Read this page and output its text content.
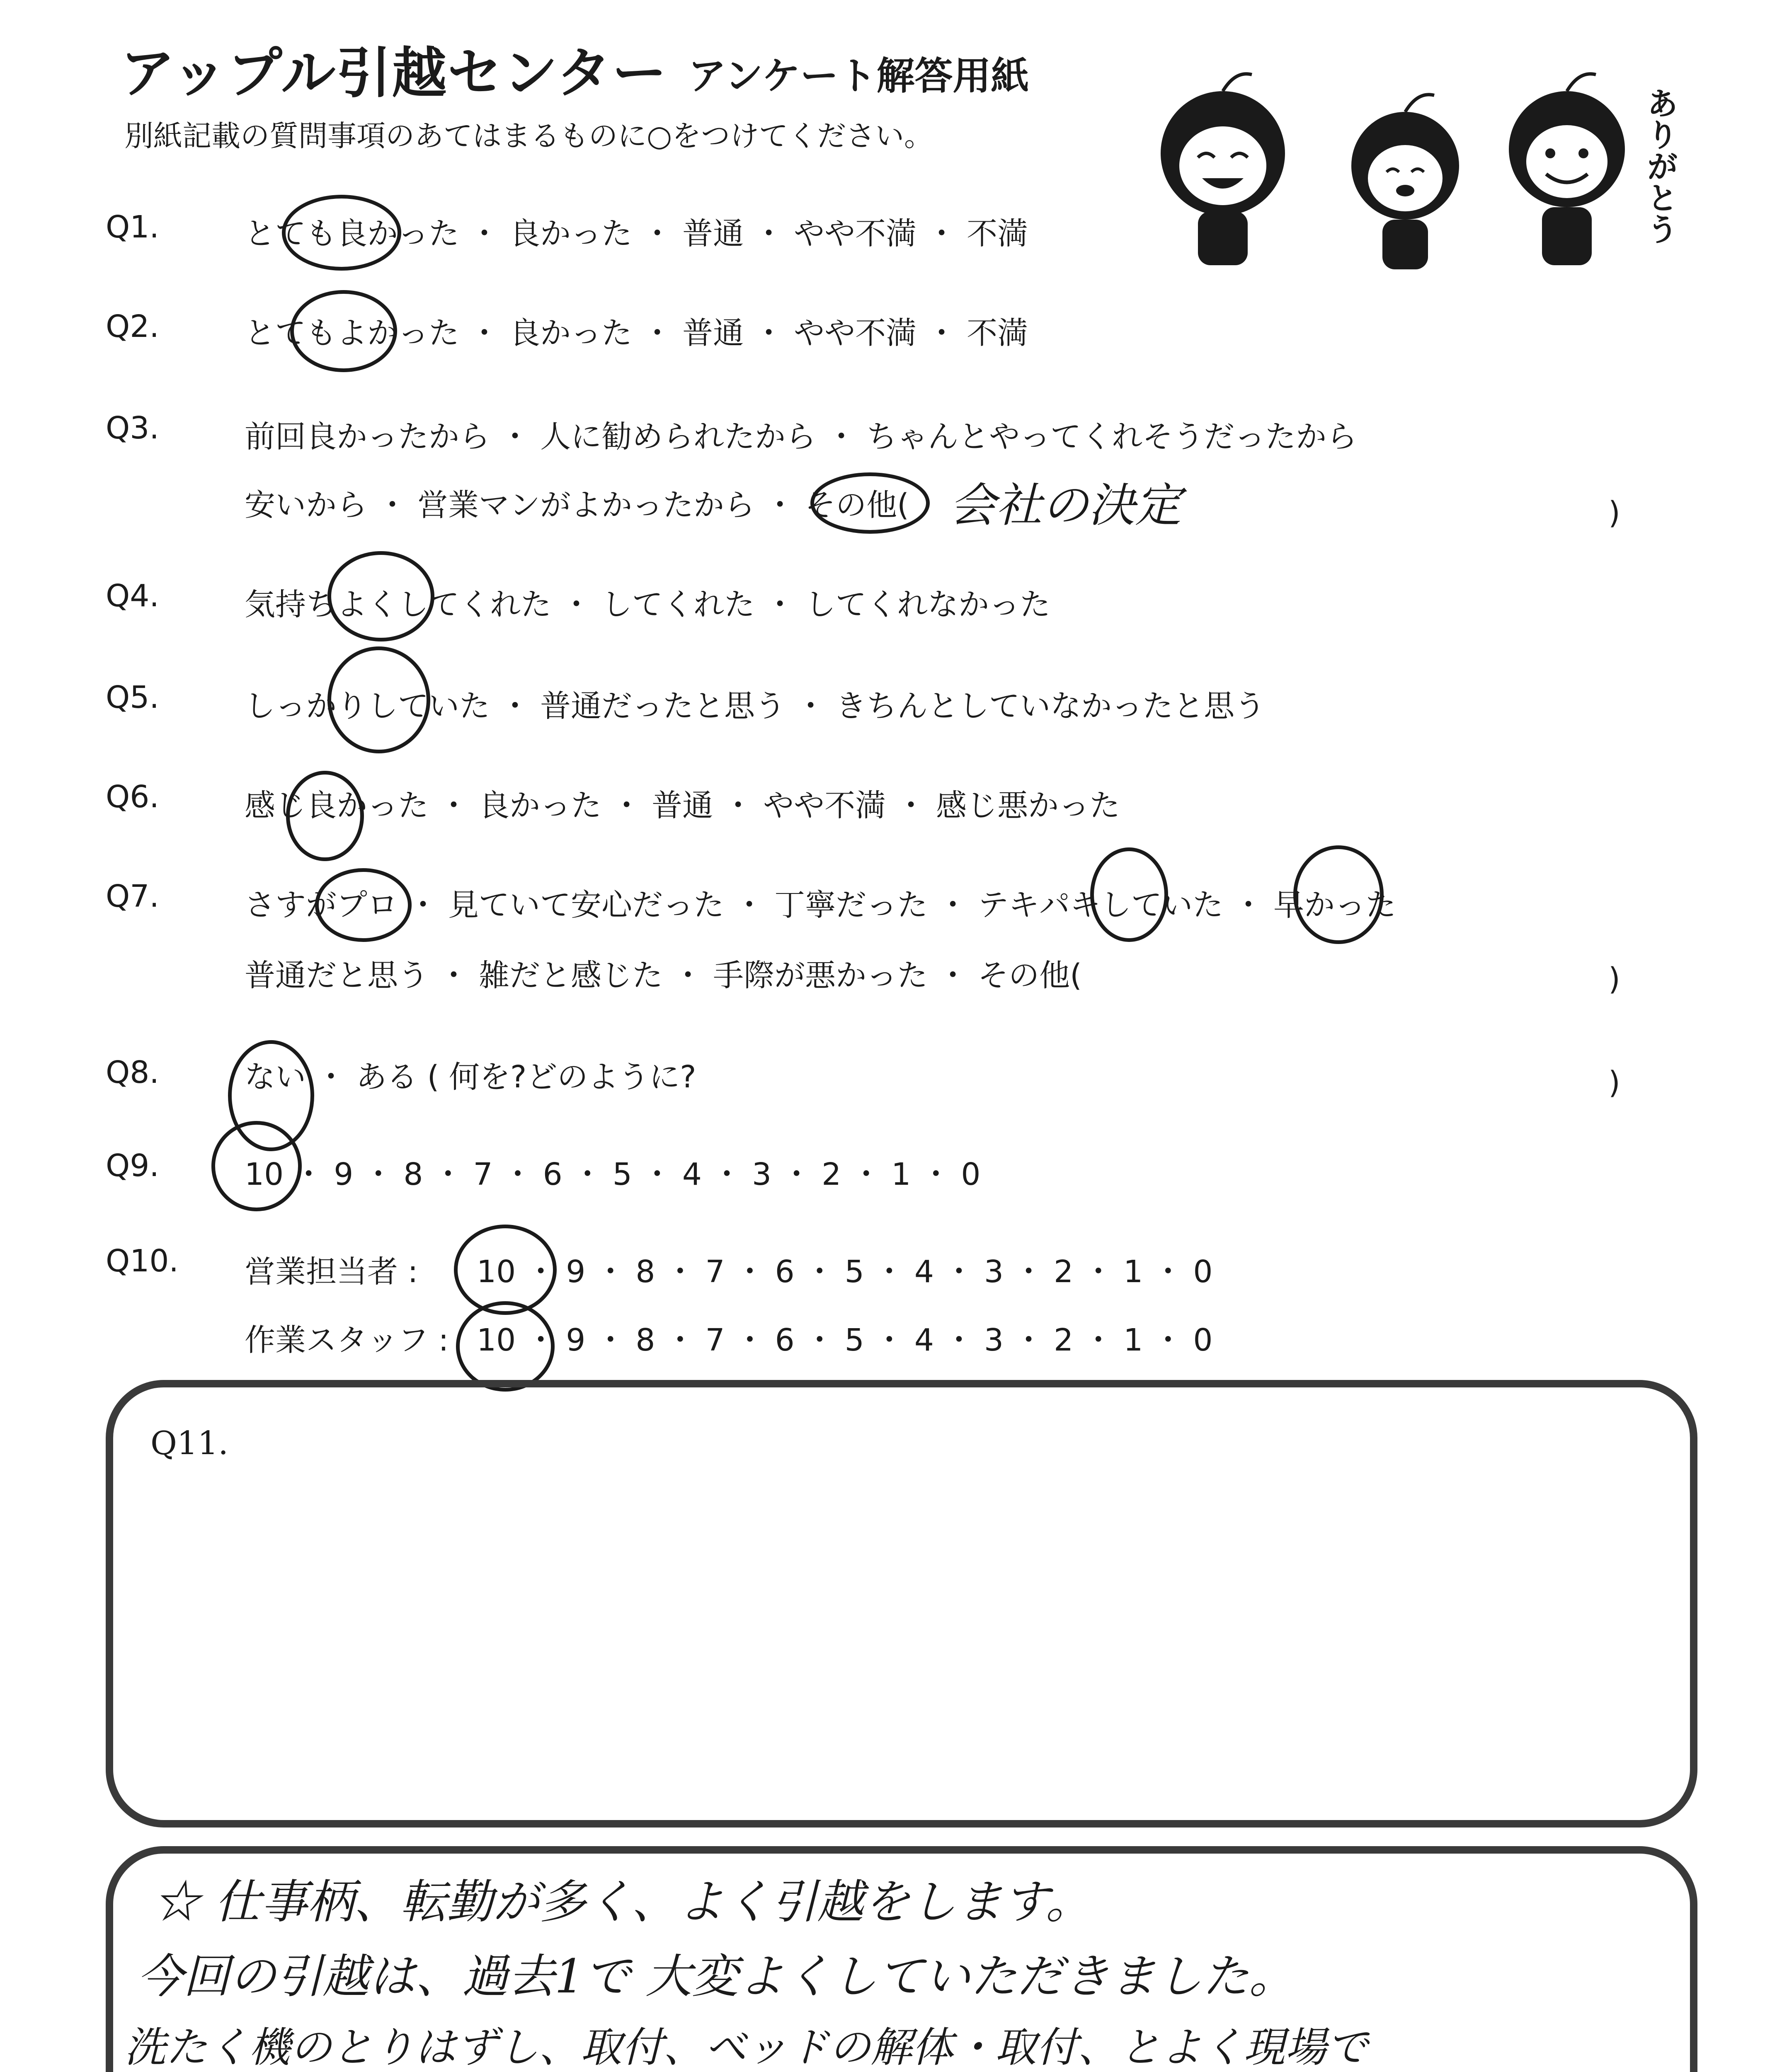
アップル引越センター アンケート解答用紙
別紙記載の質問事項のあてはまるものに○をつけてください。	ありがとう
Q1.	とても良かった ・ 良かった ・ 普通 ・ やや不満 ・ 不満
Q2.	とてもよかった ・ 良かった ・ 普通 ・ やや不満 ・ 不満
Q3.	前回良かったから ・ 人に勧められたから ・ ちゃんとやってくれそうだったから
安いから ・ 営業マンがよかったから ・ その他( 会社の決定	)
Q4.	気持ちよくしてくれた ・ してくれた ・ してくれなかった
Q5.	しっかりしていた ・ 普通だったと思う ・ きちんとしていなかったと思う
Q6.	感じ良かった ・ 良かった ・ 普通 ・ やや不満 ・ 感じ悪かった
Q7.	さすがプロ ・ 見ていて安心だった ・ 丁寧だった ・ テキパキしていた ・ 早かった
普通だと思う ・ 雑だと感じた ・ 手際が悪かった ・ その他(	)
Q8.	ない ・ ある ( 何を?どのように?	)
Q9.	10 ・ 9 ・ 8 ・ 7 ・ 6 ・ 5 ・ 4 ・ 3 ・ 2 ・ 1 ・ 0
Q10. 営業担当者 : 10 ・ 9 ・ 8 ・ 7 ・ 6 ・ 5 ・ 4 ・ 3 ・ 2 ・ 1 ・ 0
作業スタッフ : 10 ・ 9 ・ 8 ・ 7 ・ 6 ・ 5 ・ 4 ・ 3 ・ 2 ・ 1 ・ 0
Q11.
☆ 仕事柄、転勤が多く、よく引越をします。
今回の引越は、過去1で 大変よくしていただきました。
洗たく機のとりはずし、取付、ベッドの解体・取付、とよく現場で
